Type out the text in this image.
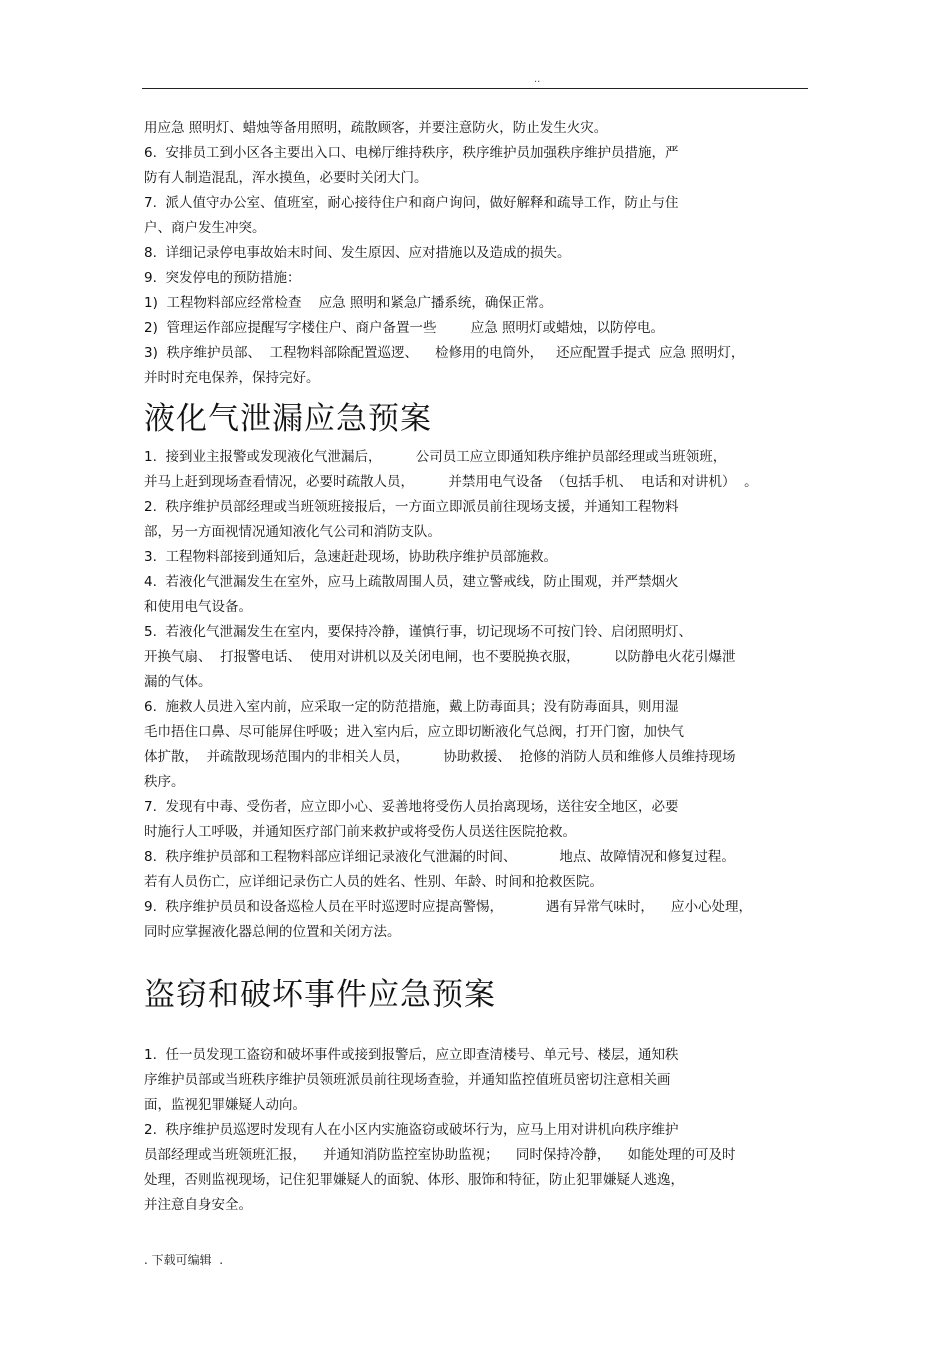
..
用应急 照明灯、蜡烛等备用照明，疏散顾客，并要注意防火，防止发生火灾。
6.  安排员工到小区各主要出入口、电梯厅维持秩序，秩序维护员加强秩序维护员措施，严
防有人制造混乱，浑水摸鱼，必要时关闭大门。
7.  派人值守办公室、值班室，耐心接待住户和商户询问，做好解释和疏导工作，防止与住
户、商户发生冲突。
8.  详细记录停电事故始末时间、发生原因、应对措施以及造成的损失。
9.  突发停电的预防措施：
1)  工程物料部应经常检查    应急 照明和紧急广播系统，确保正常。
2)  管理运作部应提醒写字楼住户、商户备置一些        应急 照明灯或蜡烛，以防停电。
3)  秩序维护员部、  工程物料部除配置巡逻、    检修用的电筒外，   还应配置手提式  应急 照明灯，
并时时充电保养，保持完好。
液化气泄漏应急预案
1.  接到业主报警或发现液化气泄漏后，        公司员工应立即通知秩序维护员部经理或当班领班，
并马上赶到现场查看情况，必要时疏散人员，        并禁用电气设备  （包括手机、  电话和对讲机）  。
2.  秩序维护员部经理或当班领班接报后，一方面立即派员前往现场支援，并通知工程物料
部，另一方面视情况通知液化气公司和消防支队。
3.  工程物料部接到通知后，急速赶赴现场，协助秩序维护员部施救。
4.  若液化气泄漏发生在室外，应马上疏散周围人员，建立警戒线，防止围观，并严禁烟火
和使用电气设备。
5.  若液化气泄漏发生在室内，要保持冷静，谨慎行事，切记现场不可按门铃、启闭照明灯、
开换气扇、  打报警电话、  使用对讲机以及关闭电闸，也不要脱换衣服，        以防静电火花引爆泄
漏的气体。
6.  施救人员进入室内前，应采取一定的防范措施，戴上防毒面具；没有防毒面具，则用湿
毛巾捂住口鼻、尽可能屏住呼吸；进入室内后，应立即切断液化气总阀，打开门窗，加快气
体扩散，  并疏散现场范围内的非相关人员，        协助救援、  抢修的消防人员和维修人员维持现场
秩序。
7.  发现有中毒、受伤者，应立即小心、妥善地将受伤人员抬离现场，送往安全地区，必要
时施行人工呼吸，并通知医疗部门前来救护或将受伤人员送往医院抢救。
8.  秩序维护员部和工程物料部应详细记录液化气泄漏的时间、          地点、故障情况和修复过程。
若有人员伤亡，应详细记录伤亡人员的姓名、性别、年龄、时间和抢救医院。
9.  秩序维护员员和设备巡检人员在平时巡逻时应提高警惕，          遇有异常气味时，    应小心处理，
同时应掌握液化器总闸的位置和关闭方法。
盗窃和破坏事件应急预案
1.  任一员发现工盗窃和破坏事件或接到报警后，应立即查清楼号、单元号、楼层，通知秩
序维护员部或当班秩序维护员领班派员前往现场查验，并通知监控值班员密切注意相关画
面，监视犯罪嫌疑人动向。
2.  秩序维护员巡逻时发现有人在小区内实施盗窃或破坏行为，应马上用对讲机向秩序维护
员部经理或当班领班汇报，    并通知消防监控室协助监视；    同时保持冷静，    如能处理的可及时
处理，否则监视现场，记住犯罪嫌疑人的面貌、体形、服饰和特征，防止犯罪嫌疑人逃逸，
并注意自身安全。
. 下载可编辑  .
